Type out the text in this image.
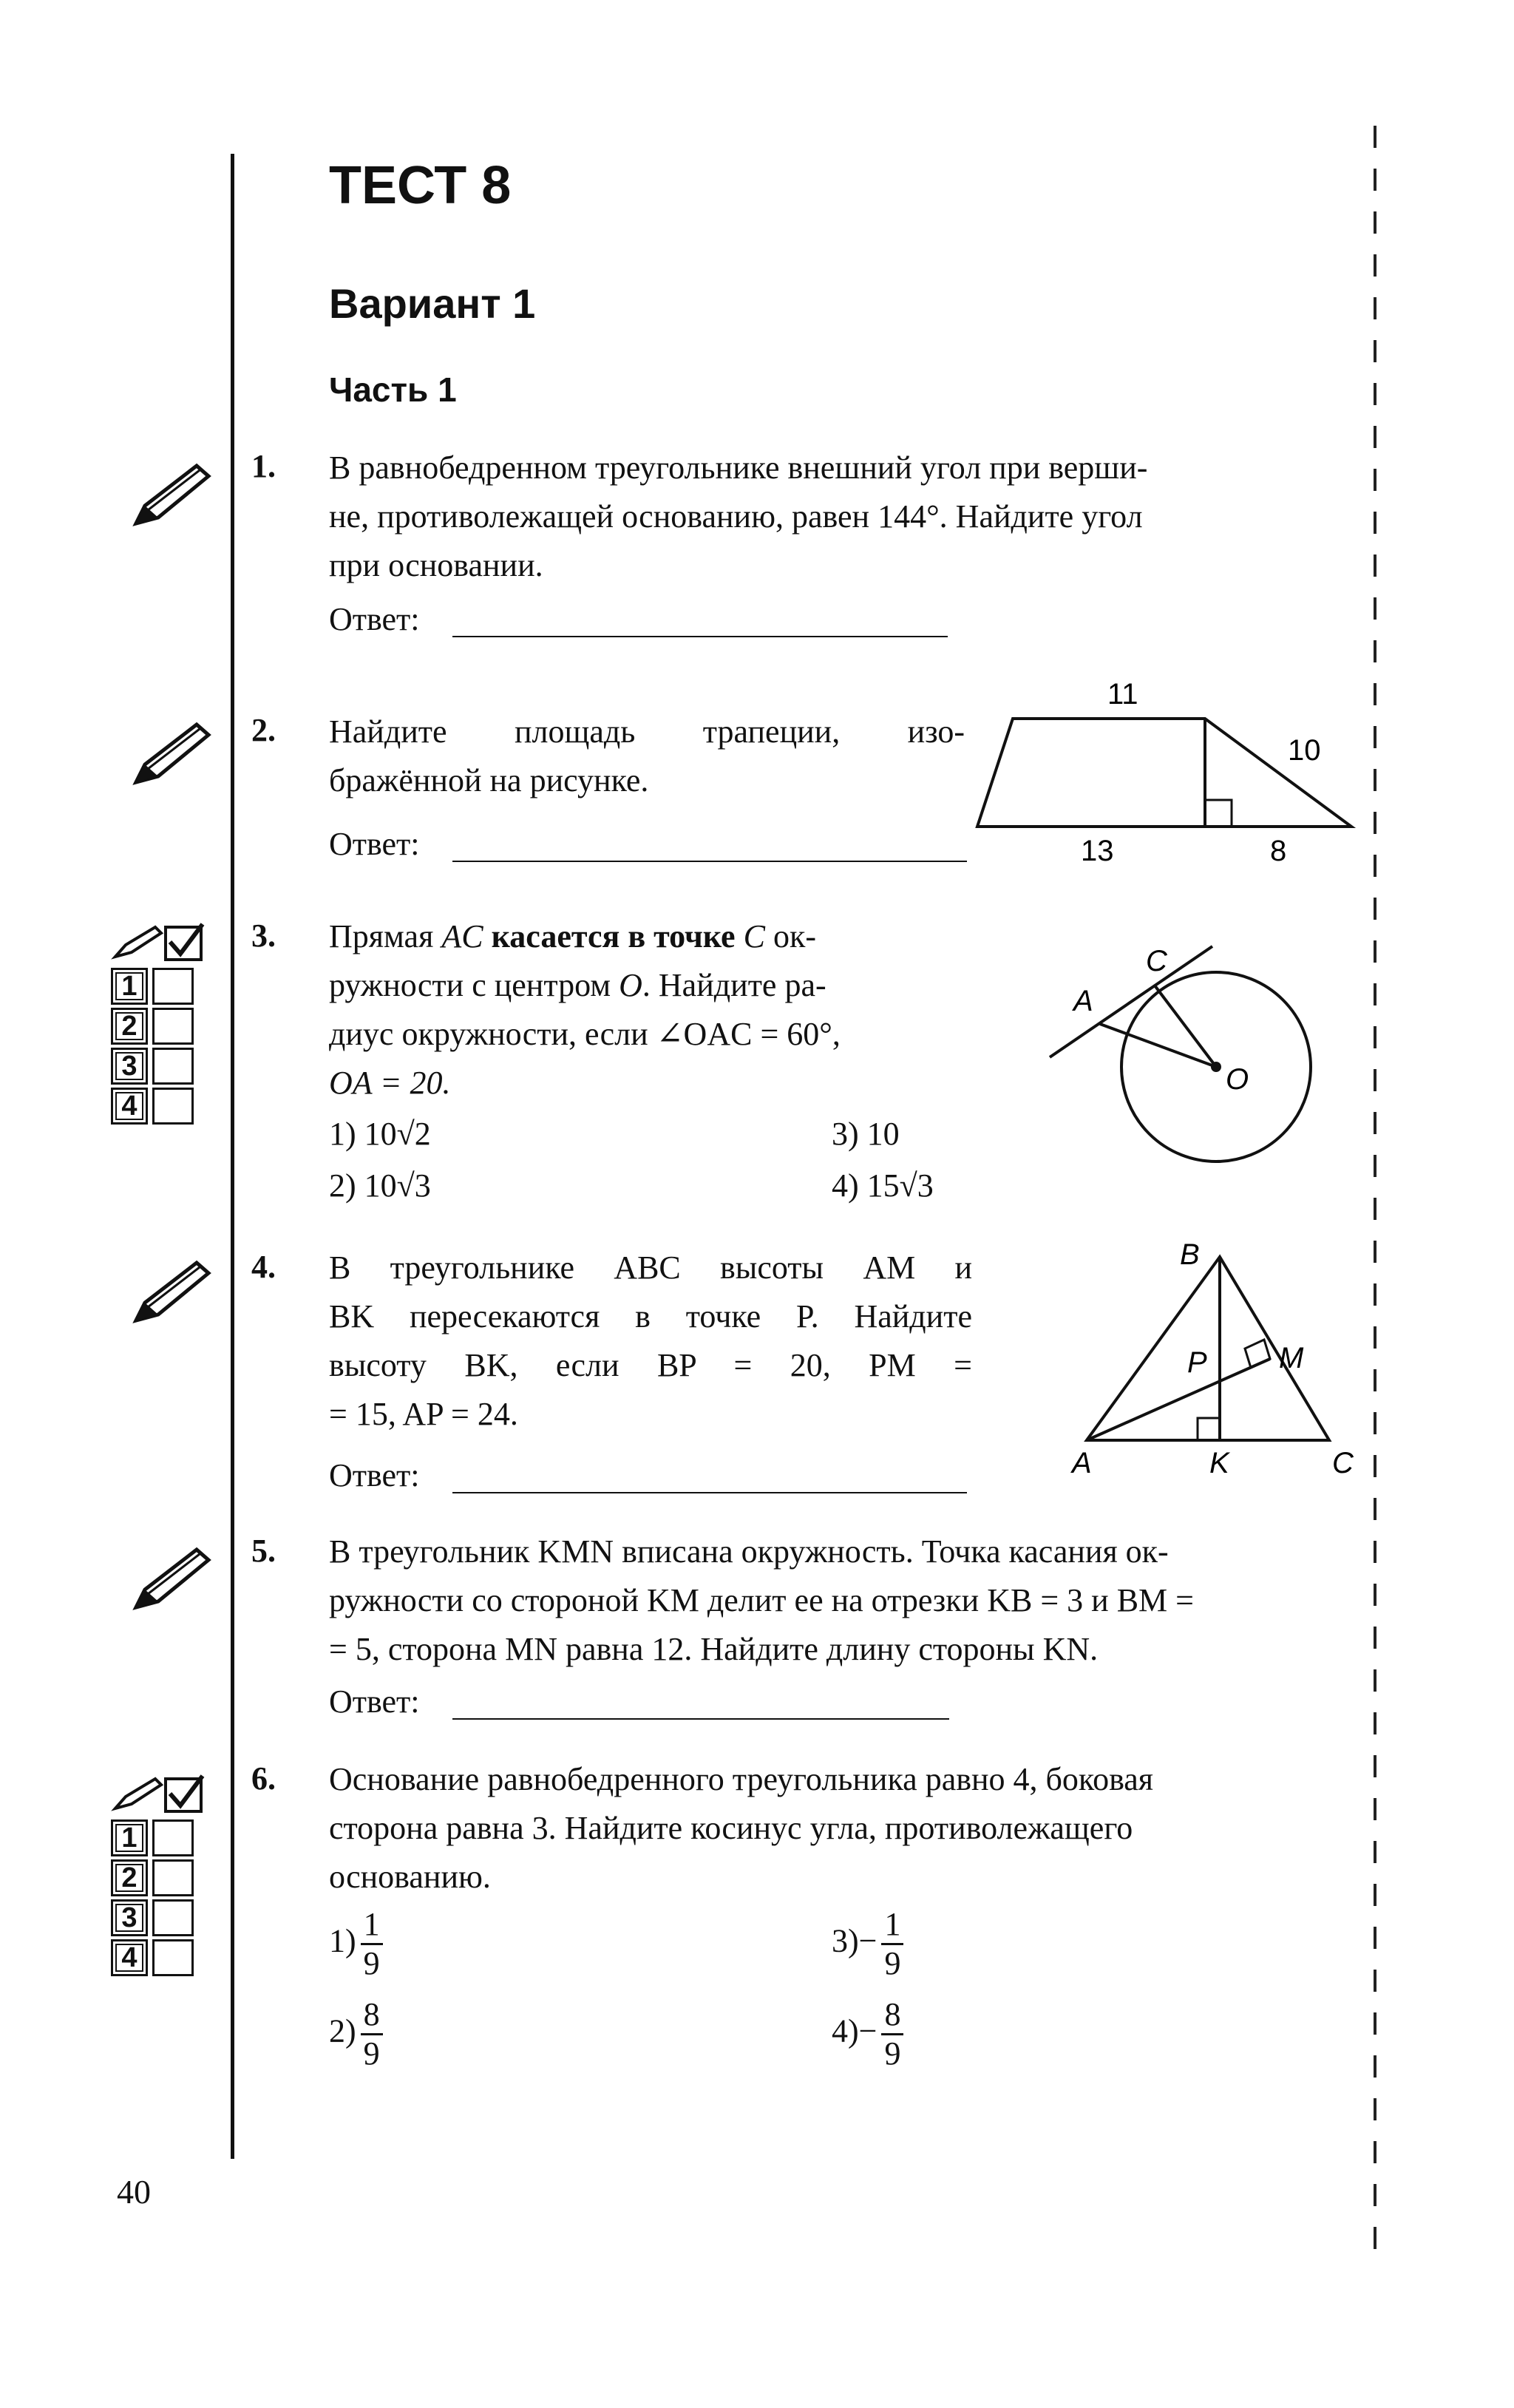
ТЕСТ 8
Вариант 1
Часть 1
1
2
3
4
1
2
3
4
1. В равнобедренном треугольнике внешний угол при верши-
не, противолежащей основанию, равен 144°. Найдите угол
при основании.
Ответ:
2. Найдите площадь трапеции, изо-
бражённой на рисунке.
Ответ:
11
10
13	8
3. Прямая AC касается в точке C ок-
ружности с центром O. Найдите ра-
диус окружности, если ∠OAC = 60°,
OA = 20.
1) 10√2	3) 10
2) 10√3	4) 15√3
A
C
O
4. В треугольнике ABC высоты AM и
BK пересекаются в точке P. Найдите
высоту BK, если BP = 20, PM =
= 15, AP = 24.
Ответ:
B
A	C
K
M
P
5. В треугольник KMN вписана окружность. Точка касания ок-
ружности со стороной KM делит ее на отрезки KB = 3 и BM =
= 5, сторона MN равна 12. Найдите длину стороны KN.
Ответ:
6. Основание равнобедренного треугольника равно 4, боковая
сторона равна 3. Найдите косинус угла, противолежащего
основанию.
$1) \frac{1}{9}$	$3)- \frac{1}{9}$
$2) \frac{8}{9}$	$4)- \frac{8}{9}$
40
